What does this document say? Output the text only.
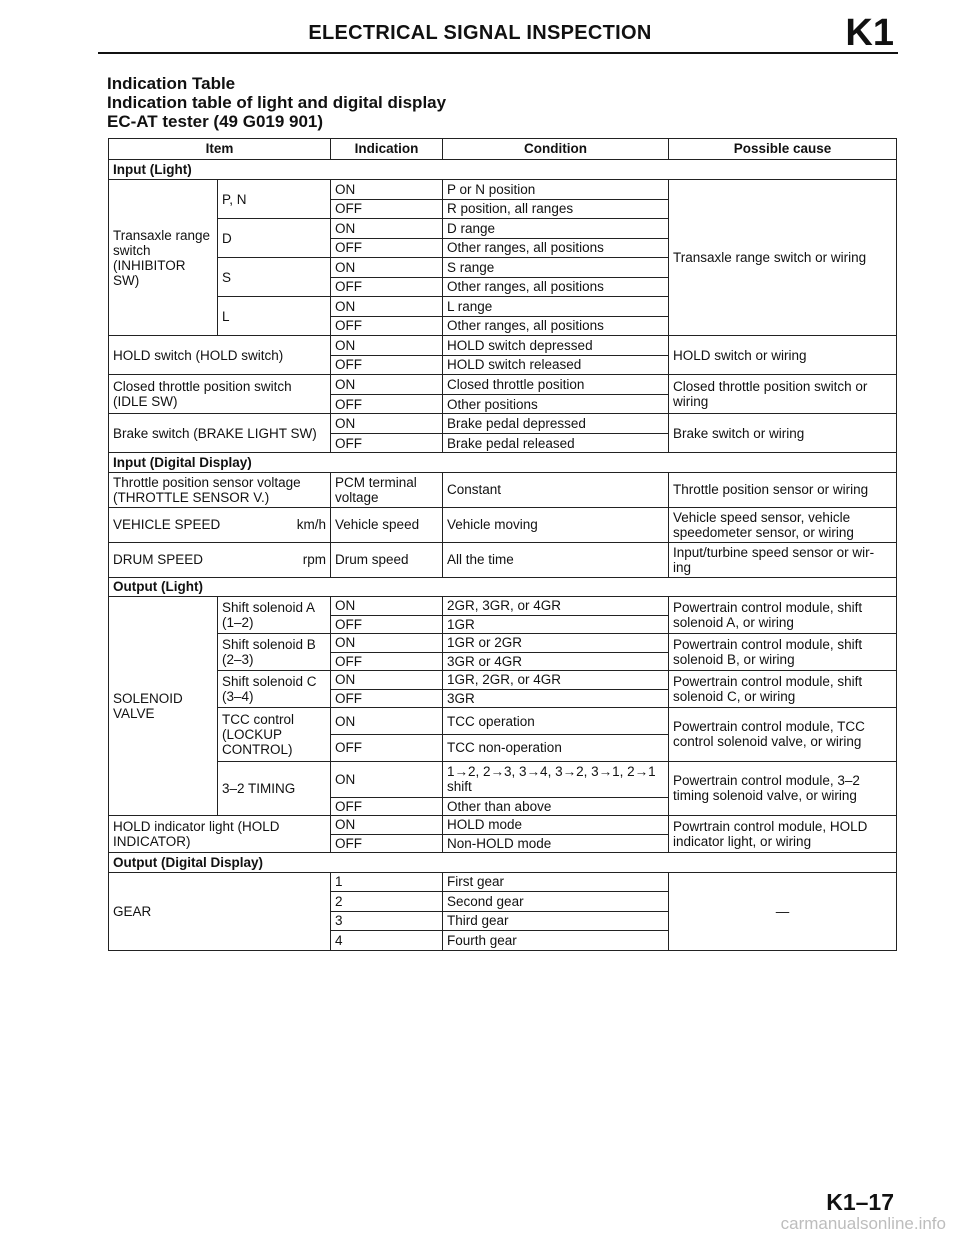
ELECTRICAL SIGNAL INSPECTION	K1
Indication Table
Indication table of light and digital display
EC-AT tester (49 G019 901)
Item		Indication	Condition	Possible cause
Input (Light)				
Transaxle range switch (INHIBITOR SW)	P, N	ON	P or N position	Transaxle range switch or wiring
		OFF	R position, all ranges	
	D	ON	D range	
		OFF	Other ranges, all positions	
	S	ON	S range	
		OFF	Other ranges, all positions	
	L	ON	L range	
		OFF	Other ranges, all positions	
HOLD switch (HOLD switch)		ON	HOLD switch depressed	HOLD switch or wiring
		OFF	HOLD switch released	
Closed throttle position switch (IDLE SW)		ON	Closed throttle position	Closed throttle position switch or wiring
		OFF	Other positions	
Brake switch (BRAKE LIGHT SW)		ON	Brake pedal depressed	Brake switch or wiring
		OFF	Brake pedal released	
Input (Digital Display)				
Throttle position sensor voltage (THROTTLE SENSOR V.)		PCM terminal voltage	Constant	Throttle position sensor or wiring

VEHICLE SPEED km/h		Vehicle speed	Vehicle moving	Vehicle speed sensor, vehicle speedometer sensor, or wiring

DRUM SPEED rpm		Drum speed	All the time	Input/turbine speed sensor or wir-ing
Output (Light)				
SOLENOID VALVE	Shift solenoid A (1–2)	ON	2GR, 3GR, or 4GR	Powertrain control module, shift solenoid A, or wiring
		OFF	1GR	
	Shift solenoid B (2–3)	ON	1GR or 2GR	Powertrain control module, shift solenoid B, or wiring
		OFF	3GR or 4GR	
	Shift solenoid C (3–4)	ON	1GR, 2GR, or 4GR	Powertrain control module, shift solenoid C, or wiring
		OFF	3GR	
	TCC control (LOCKUP CONTROL)	ON	TCC operation	Powertrain control module, TCC control solenoid valve, or wiring
		OFF	TCC non-operation	
	3–2 TIMING	ON	1→2, 2→3, 3→4, 3→2, 3→1, 2→1 shift	Powertrain control module, 3–2 timing solenoid valve, or wiring

		OFF	Other than above	
HOLD indicator light (HOLD INDICATOR)		ON	HOLD mode	Powrtrain control module, HOLD indicator light, or wiring
		OFF	Non-HOLD mode	
Output (Digital Display)				
GEAR		1	First gear	—
		2	Second gear	
		3	Third gear	
		4	Fourth gear	
K1–17
carmanualsonline.info
